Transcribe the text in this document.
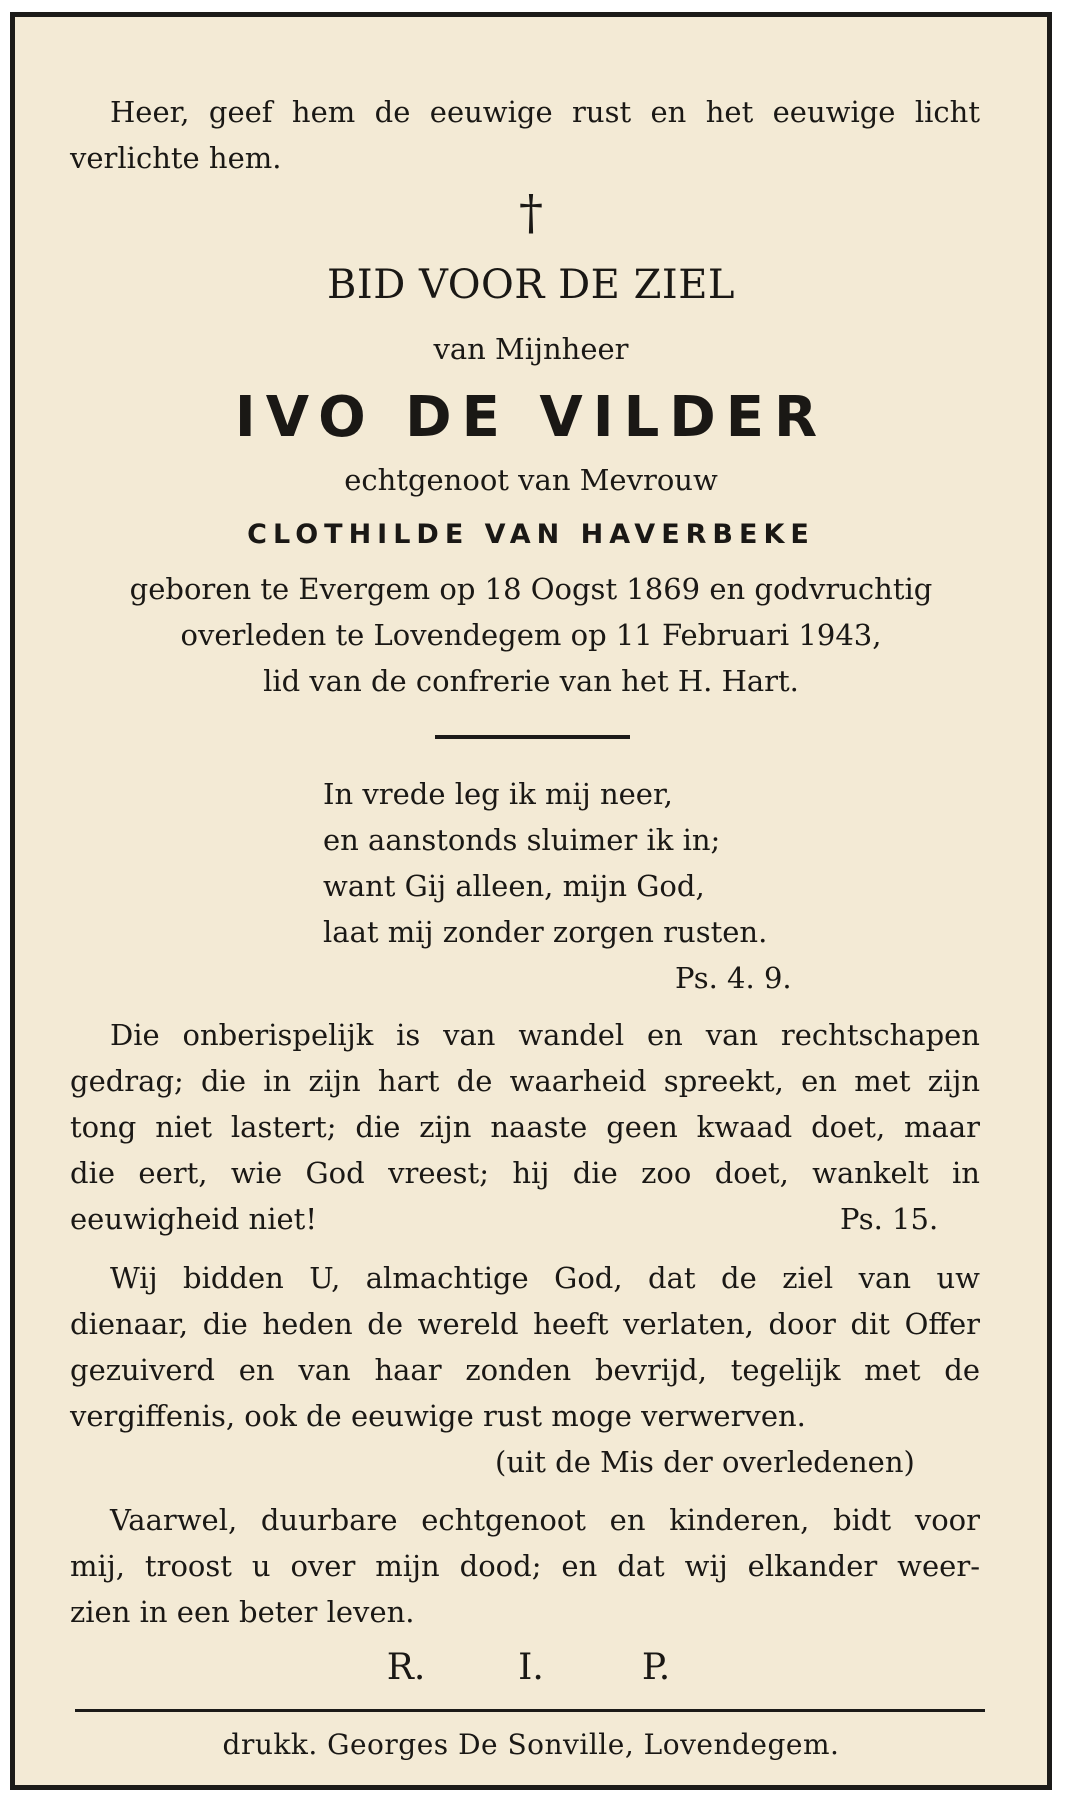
Heer, geef hem de eeuwige rust en het eeuwige licht
verlichte hem.
†
BID VOOR DE ZIEL
van Mijnheer
IVO DE VILDER
echtgenoot van Mevrouw
CLOTHILDE VAN HAVERBEKE
geboren te Evergem op 18 Oogst 1869 en godvruchtig
overleden te Lovendegem op 11 Februari 1943,
lid van de confrerie van het H. Hart.
In vrede leg ik mij neer,
en aanstonds sluimer ik in;
want Gij alleen, mijn God,
laat mij zonder zorgen rusten.
Ps. 4. 9.
Die onberispelijk is van wandel en van rechtschapen
gedrag; die in zijn hart de waarheid spreekt, en met zijn
tong niet lastert; die zijn naaste geen kwaad doet, maar
die eert, wie God vreest; hij die zoo doet, wankelt in
eeuwigheid niet!	Ps. 15.
Wij bidden U, almachtige God, dat de ziel van uw
dienaar, die heden de wereld heeft verlaten, door dit Offer
gezuiverd en van haar zonden bevrijd, tegelijk met de
vergiffenis, ook de eeuwige rust moge verwerven.
(uit de Mis der overledenen)
Vaarwel, duurbare echtgenoot en kinderen, bidt voor
mij, troost u over mijn dood; en dat wij elkander weer-
zien in een beter leven.
R.	I.	P.
drukk. Georges De Sonville, Lovendegem.
